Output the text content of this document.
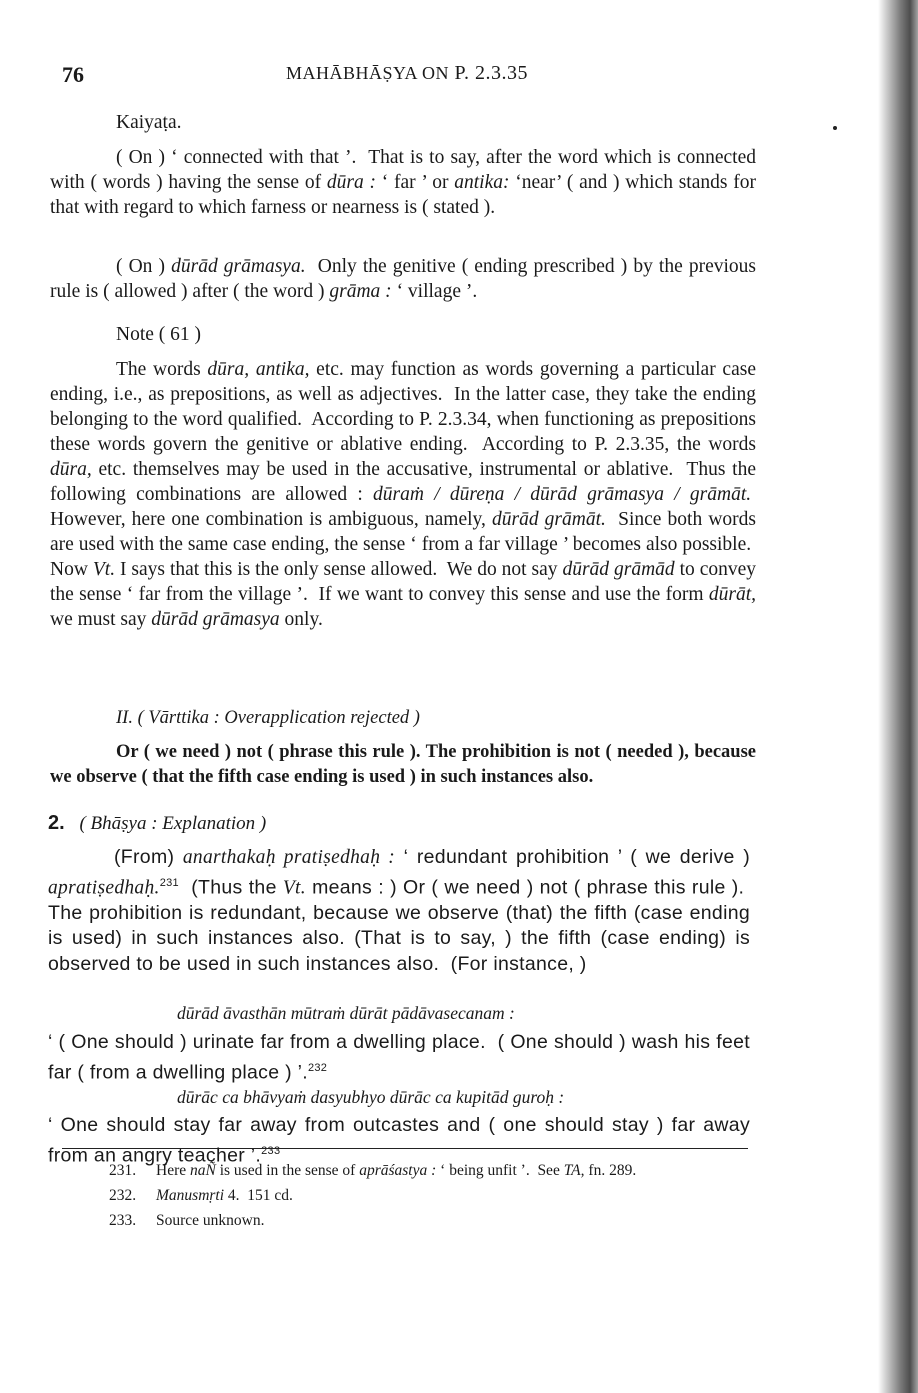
76	MAHĀBHĀṢYA ON P. 2.3.35
Kaiyaṭa.
( On ) ‘ connected with that ’.  That is to say, after the word which is connected with ( words ) having the sense of dūra : ‘ far ’ or antika: ‘near’ ( and ) which stands for that with regard to which farness or nearness is ( stated ).
( On ) dūrād grāmasya.  Only the genitive ( ending prescribed ) by the previous rule is ( allowed ) after ( the word ) grāma : ‘ village ’.
Note ( 61 )
The words dūra, antika, etc. may function as words governing a particular case ending, i.e., as prepositions, as well as adjectives.  In the latter case, they take the ending belonging to the word qualified.  According to P. 2.3.34, when functioning as prepositions these words govern the genitive or ablative ending.  According to P. 2.3.35, the words dūra, etc. themselves may be used in the accusative, instrumental or ablative.  Thus the following combinations are allowed : dūraṁ / dūreṇa / dūrād grāmasya / grāmāt.  However, here one combination is ambiguous, namely, dūrād grāmāt.  Since both words are used with the same case ending, the sense ‘ from a far village ’ becomes also possible.  Now Vt. I says that this is the only sense allowed.  We do not say dūrād grāmād to convey the sense ‘ far from the village ’.  If we want to convey this sense and use the form dūrāt, we must say dūrād grāmasya only.
II. ( Vārttika : Overapplication rejected )
Or ( we need ) not ( phrase this rule ). The prohibition is not ( needed ), because we observe ( that the fifth case ending is used ) in such instances also.
2. ( Bhāṣya : Explanation )
(From) anarthakaḥ pratiṣedhaḥ : ‘ redundant prohibition ’ ( we derive ) apratiṣedhaḥ.$^{231}$  (Thus the Vt. means : ) Or ( we need ) not ( phrase this rule ).  The prohibition is redundant, because we observe (that) the fifth (case ending is used) in such instances also. (That is to say, ) the fifth (case ending) is observed to be used in such instances also.  (For instance, )
dūrād āvasthān mūtraṁ dūrāt pādāvasecanam :
‘ ( One should ) urinate far from a dwelling place.  ( One should ) wash his feet far ( from a dwelling place ) ’.$^{232}$
dūrāc ca bhāvyaṁ dasyubhyo dūrāc ca kupitād guroḥ :
‘ One should stay far away from outcastes and ( one should stay ) far away from an angry teacher ’.$^{233}$
231. Here naÑ is used in the sense of aprāśastya : ‘ being unfit ’.  See TA, fn. 289.
232. Manusmṛti 4.  151 cd.
233. Source unknown.
